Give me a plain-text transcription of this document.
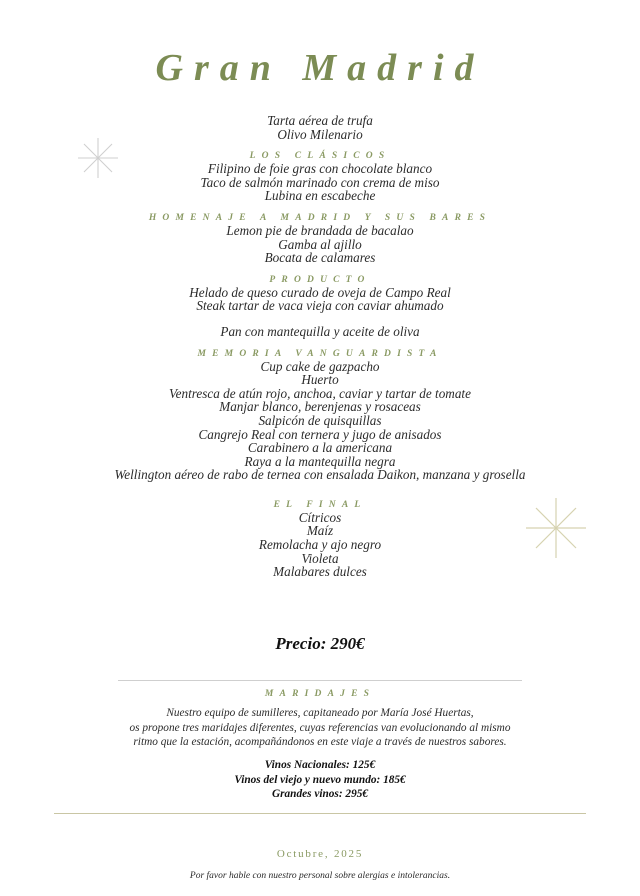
Gran Madrid
Tarta aérea de trufa
Olivo Milenario
LOS CLÁSICOS
Filipino de foie gras con chocolate blanco
Taco de salmón marinado con crema de miso
Lubina en escabeche
HOMENAJE A MADRID Y SUS BARES
Lemon pie de brandada de bacalao
Gamba al ajillo
Bocata de calamares
PRODUCTO
Helado de queso curado de oveja de Campo Real
Steak tartar de vaca vieja con caviar ahumado
Pan con mantequilla y aceite de oliva
MEMORIA VANGUARDISTA
Cup cake de gazpacho
Huerto
Ventresca de atún rojo, anchoa, caviar y tartar de tomate
Manjar blanco, berenjenas y rosaceas
Salpicón de quisquillas
Cangrejo Real con ternera y jugo de anisados
Carabinero a la americana
Raya a la mantequilla negra
Wellington aéreo de rabo de ternea con ensalada Daikon, manzana y grosella
EL FINAL
Cítricos
Maíz
Remolacha y ajo negro
Violeta
Malabares dulces
Precio: 290€
MARIDAJES
Nuestro equipo de sumilleres, capitaneado por María José Huertas,
os propone tres maridajes diferentes, cuyas referencias van evolucionando al mismo
ritmo que la estación, acompañándonos en este viaje a través de nuestros sabores.
Vinos Nacionales: 125€
Vinos del viejo y nuevo mundo: 185€
Grandes vinos: 295€
Octubre, 2025
Por favor hable con nuestro personal sobre alergias e intolerancias.
